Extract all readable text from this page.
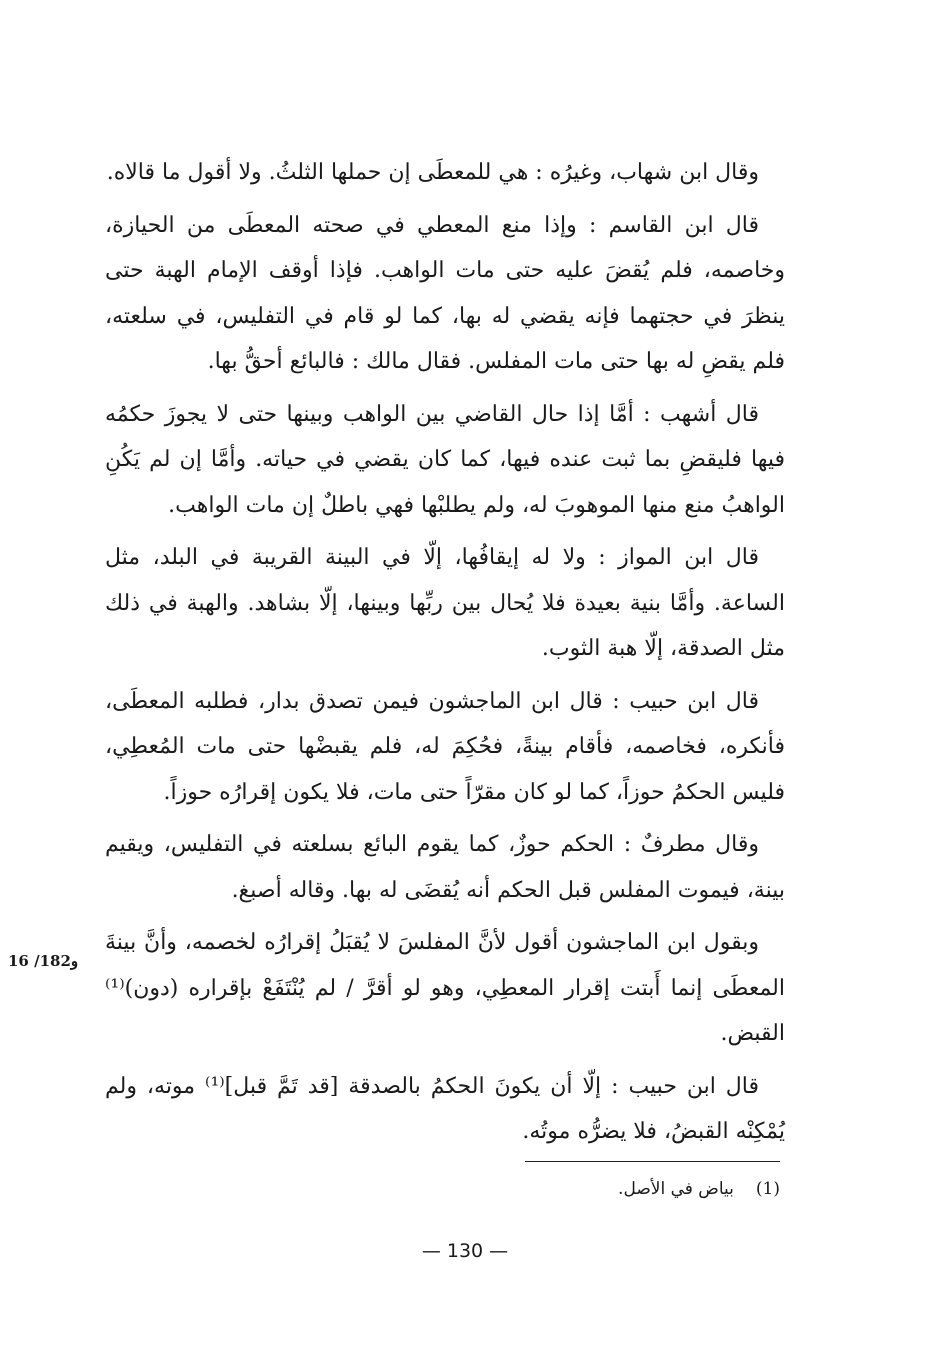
وقال ابن شهاب، وغيرُه : هي للمعطَى إن حملها الثلثُ. ولا أقول ما قالاه.

قال ابن القاسم : وإذا منع المعطي في صحته المعطَى من الحيازة، وخاصمه، فلم يُقضَ عليه حتى مات الواهب. فإذا أوقف الإمام الهبة حتى ينظرَ في حجتهما فإنه يقضي له بها، كما لو قام في التفليس، في سلعته، فلم يقضِ له بها حتى مات المفلس. فقال مالك : فالبائع أحقُّ بها.

قال أشهب : أمَّا إذا حال القاضي بين الواهب وبينها حتى لا يجوزَ حكمُه فيها فليقضِ بما ثبت عنده فيها، كما كان يقضي في حياته. وأمَّا إن لم يَكُنِ الواهبُ منع منها الموهوبَ له، ولم يطلبْها فهي باطلٌ إن مات الواهب.

قال ابن المواز : ولا له إيقافُها، إلّا في البينة القريبة في البلد، مثل الساعة. وأمَّا بنية بعيدة فلا يُحال بين ربِّها وبينها، إلّا بشاهد. والهبة في ذلك مثل الصدقة، إلّا هبة الثوب.

قال ابن حبيب : قال ابن الماجشون فيمن تصدق بدار، فطلبه المعطَى، فأنكره، فخاصمه، فأقام بينةً، فحُكِمَ له، فلم يقبضْها حتى مات المُعطِي، فليس الحكمُ حوزاً، كما لو كان مقرّاً حتى مات، فلا يكون إقرارُه حوزاً.

وقال مطرفٌ : الحكم حوزٌ، كما يقوم البائع بسلعته في التفليس، ويقيم بينة، فيموت المفلس قبل الحكم أنه يُقضَى له بها. وقاله أصبغ.

وبقول ابن الماجشون أقول لأنَّ المفلسَ لا يُقبَلُ إقرارُه لخصمه، وأنَّ بينةَ المعطَى إنما أَبتت إقرار المعطِي، وهو لو أقرَّ / لم يُنْتَفَعْ بإقراره (دون)⁽¹⁾ القبض.

قال ابن حبيب : إلّا أن يكونَ الحكمُ بالصدقة [قد تَمَّ قبل]⁽¹⁾ موته، ولم يُمْكِنْه القبضُ، فلا يضرُّه موتُه.

16 /182و
(1)بياض في الأصل.
— 130 —
